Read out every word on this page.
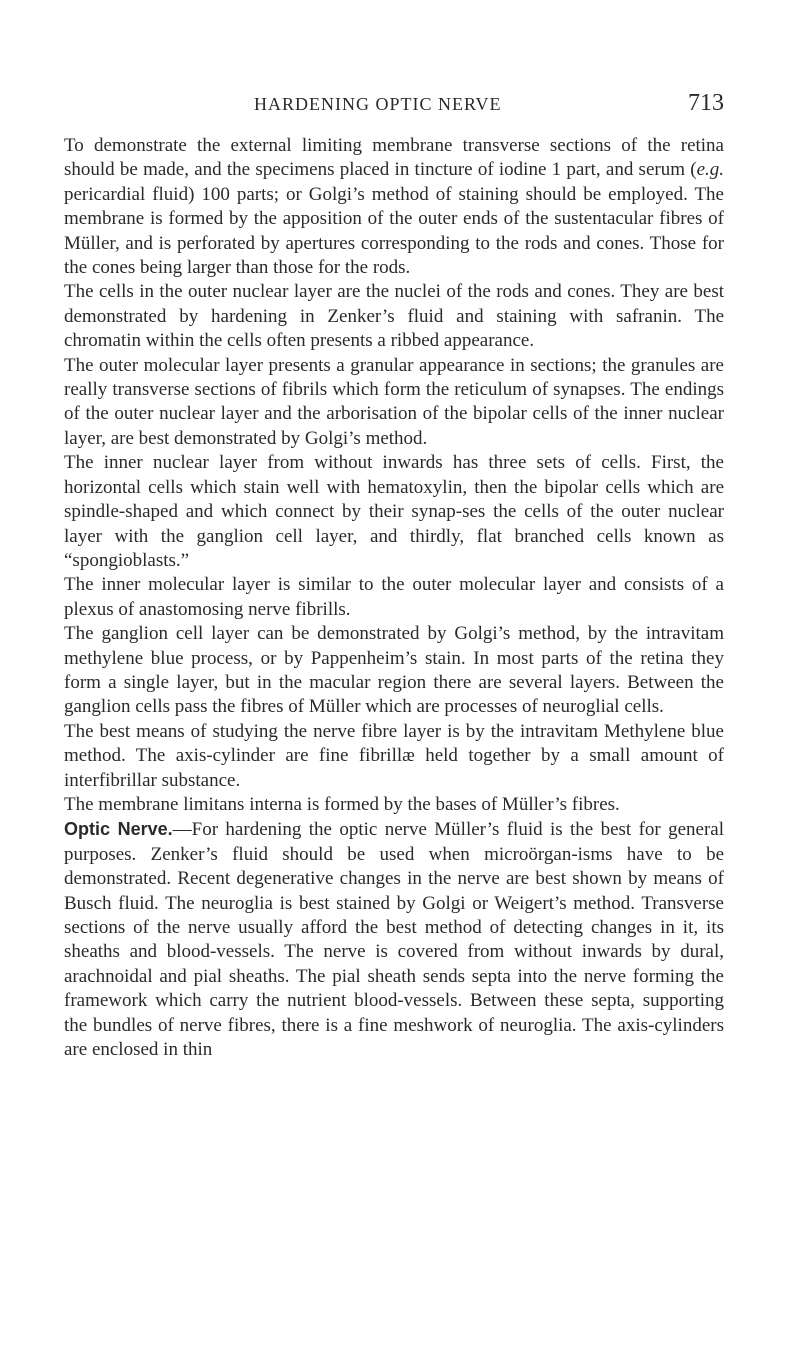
HARDENING OPTIC NERVE	713

To demonstrate the external limiting membrane transverse sections of the retina should be made, and the specimens placed in tincture of iodine 1 part, and serum (e.g. pericardial fluid) 100 parts; or Golgi’s method of staining should be employed. The membrane is formed by the apposition of the outer ends of the sustentacular fibres of Müller, and is perforated by apertures corresponding to the rods and cones. Those for the cones being larger than those for the rods.

The cells in the outer nuclear layer are the nuclei of the rods and cones. They are best demonstrated by hardening in Zenker’s fluid and staining with safranin. The chromatin within the cells often presents a ribbed appearance.

The outer molecular layer presents a granular appearance in sections; the granules are really transverse sections of fibrils which form the reticulum of synapses. The endings of the outer nuclear layer and the arborisation of the bipolar cells of the inner nuclear layer, are best demonstrated by Golgi’s method.

The inner nuclear layer from without inwards has three sets of cells. First, the horizontal cells which stain well with hematoxylin, then the bipolar cells which are spindle-shaped and which connect by their synap-ses the cells of the outer nuclear layer with the ganglion cell layer, and thirdly, flat branched cells known as “spongioblasts.”

The inner molecular layer is similar to the outer molecular layer and consists of a plexus of anastomosing nerve fibrills.

The ganglion cell layer can be demonstrated by Golgi’s method, by the intravitam methylene blue process, or by Pappenheim’s stain. In most parts of the retina they form a single layer, but in the macular region there are several layers. Between the ganglion cells pass the fibres of Müller which are processes of neuroglial cells.

The best means of studying the nerve fibre layer is by the intravitam Methylene blue method. The axis-cylinder are fine fibrillæ held together by a small amount of interfibrillar substance.

The membrane limitans interna is formed by the bases of Müller’s fibres.

Optic Nerve.—For hardening the optic nerve Müller’s fluid is the best for general purposes. Zenker’s fluid should be used when microörgan-isms have to be demonstrated. Recent degenerative changes in the nerve are best shown by means of Busch fluid. The neuroglia is best stained by Golgi or Weigert’s method. Transverse sections of the nerve usually afford the best method of detecting changes in it, its sheaths and blood-vessels. The nerve is covered from without inwards by dural, arachnoidal and pial sheaths. The pial sheath sends septa into the nerve forming the framework which carry the nutrient blood-vessels. Between these septa, supporting the bundles of nerve fibres, there is a fine meshwork of neuroglia. The axis-cylinders are enclosed in thin
